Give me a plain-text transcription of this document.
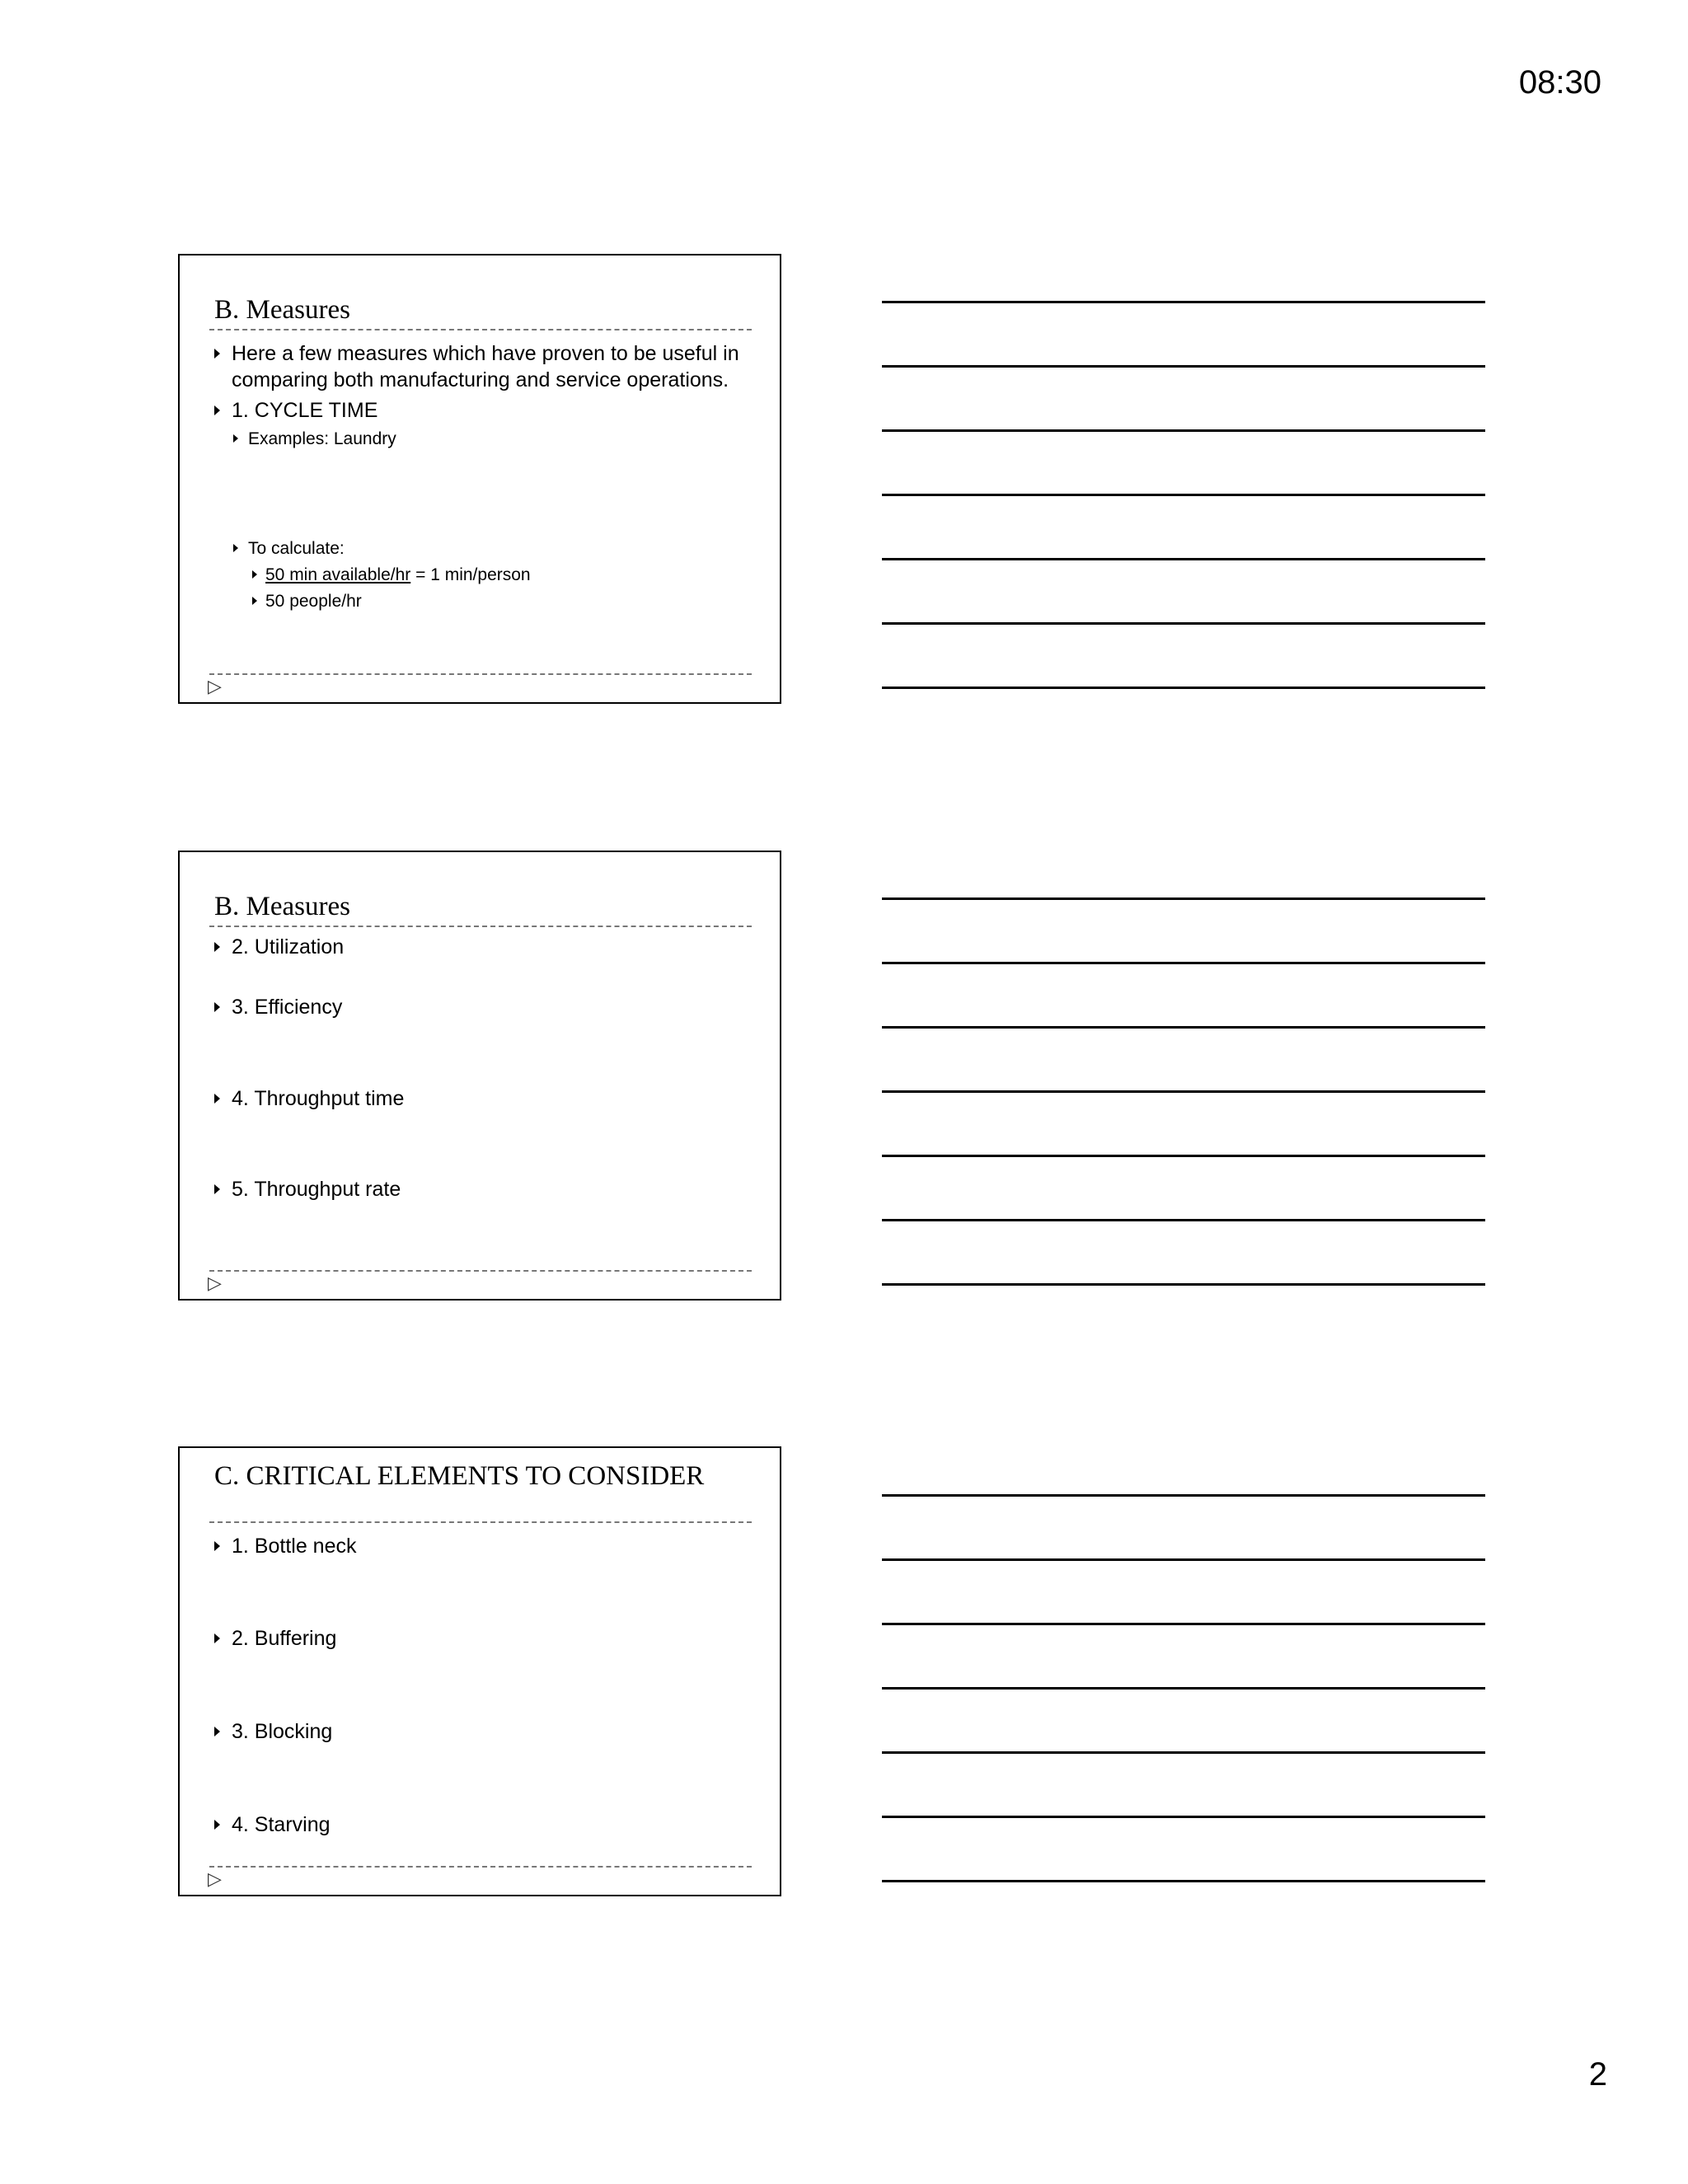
08:30
B. Measures
Here a few measures which have proven to be useful in comparing both manufacturing and service operations.
1. CYCLE TIME
Examples: Laundry
To calculate:
50 min available/hr = 1 min/person
50 people/hr
▷
B. Measures
2. Utilization
3. Efficiency
4. Throughput time
5. Throughput rate
▷
C. CRITICAL ELEMENTS TO CONSIDER
1. Bottle neck
2. Buffering
3. Blocking
4. Starving
▷
2
